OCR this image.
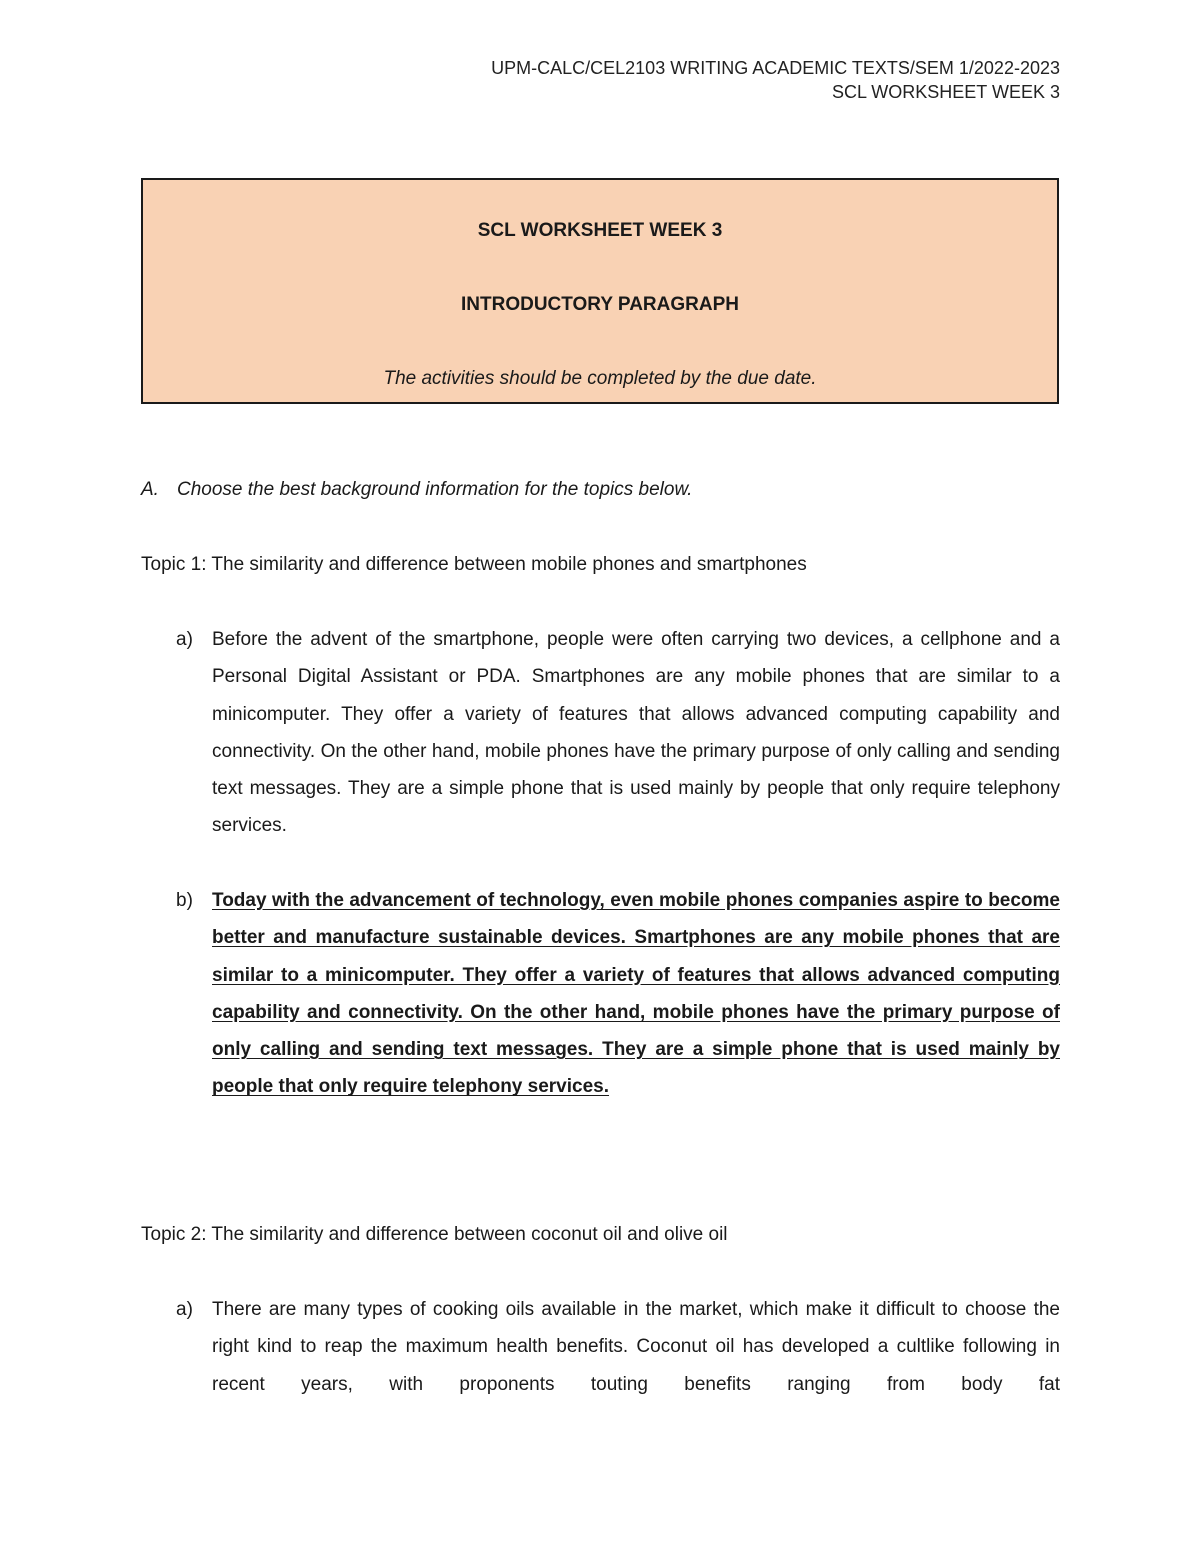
UPM-CALC/CEL2103 WRITING ACADEMIC TEXTS/SEM 1/2022-2023
SCL WORKSHEET WEEK 3
SCL WORKSHEET WEEK 3
INTRODUCTORY PARAGRAPH
The activities should be completed by the due date.
A. Choose the best background information for the topics below.
Topic 1: The similarity and difference between mobile phones and smartphones
a) Before the advent of the smartphone, people were often carrying two devices, a cellphone and a Personal Digital Assistant or PDA. Smartphones are any mobile phones that are similar to a minicomputer. They offer a variety of features that allows advanced computing capability and connectivity. On the other hand, mobile phones have the primary purpose of only calling and sending text messages. They are a simple phone that is used mainly by people that only require telephony services.
b) Today with the advancement of technology, even mobile phones companies aspire to become better and manufacture sustainable devices. Smartphones are any mobile phones that are similar to a minicomputer. They offer a variety of features that allows advanced computing capability and connectivity. On the other hand, mobile phones have the primary purpose of only calling and sending text messages. They are a simple phone that is used mainly by people that only require telephony services.
Topic 2: The similarity and difference between coconut oil and olive oil
a) There are many types of cooking oils available in the market, which make it difficult to choose the right kind to reap the maximum health benefits. Coconut oil has developed a cultlike following in recent years, with proponents touting benefits ranging from body fat
